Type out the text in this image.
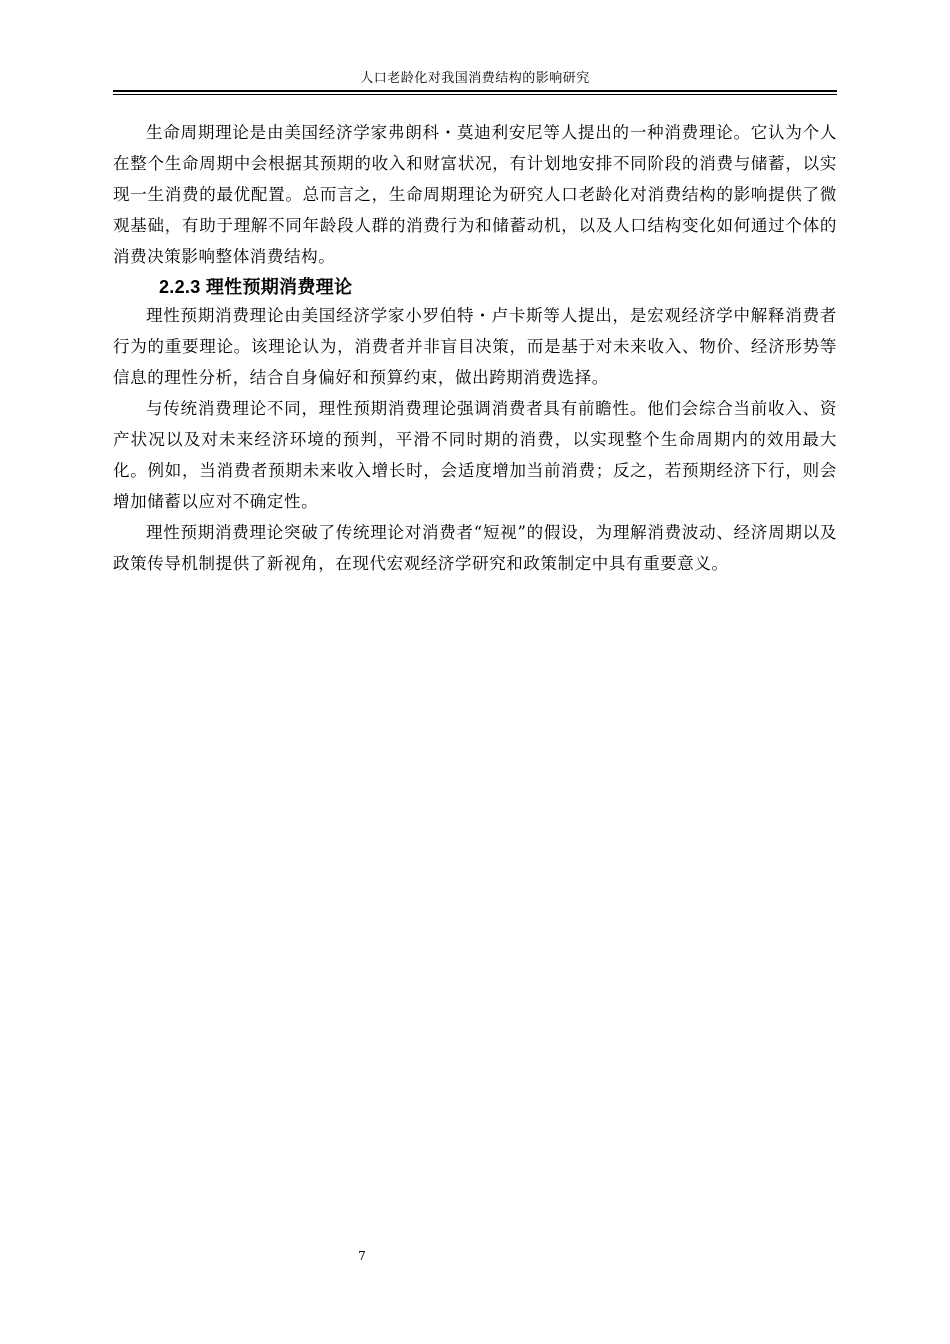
人口老龄化对我国消费结构的影响研究

生命周期理论是由美国经济学家弗朗科・莫迪利安尼等人提出的一种消费理论。它认为个人在整个生命周期中会根据其预期的收入和财富状况，有计划地安排不同阶段的消费与储蓄，以实现一生消费的最优配置。总而言之，生命周期理论为研究人口老龄化对消费结构的影响提供了微观基础，有助于理解不同年龄段人群的消费行为和储蓄动机，以及人口结构变化如何通过个体的消费决策影响整体消费结构。

2.2.3 理性预期消费理论

理性预期消费理论由美国经济学家小罗伯特・卢卡斯等人提出，是宏观经济学中解释消费者行为的重要理论。该理论认为，消费者并非盲目决策，而是基于对未来收入、物价、经济形势等信息的理性分析，结合自身偏好和预算约束，做出跨期消费选择。

与传统消费理论不同，理性预期消费理论强调消费者具有前瞻性。他们会综合当前收入、资产状况以及对未来经济环境的预判，平滑不同时期的消费，以实现整个生命周期内的效用最大化。例如，当消费者预期未来收入增长时，会适度增加当前消费；反之，若预期经济下行，则会增加储蓄以应对不确定性。

理性预期消费理论突破了传统理论对消费者“短视”的假设，为理解消费波动、经济周期以及政策传导机制提供了新视角，在现代宏观经济学研究和政策制定中具有重要意义。

7
